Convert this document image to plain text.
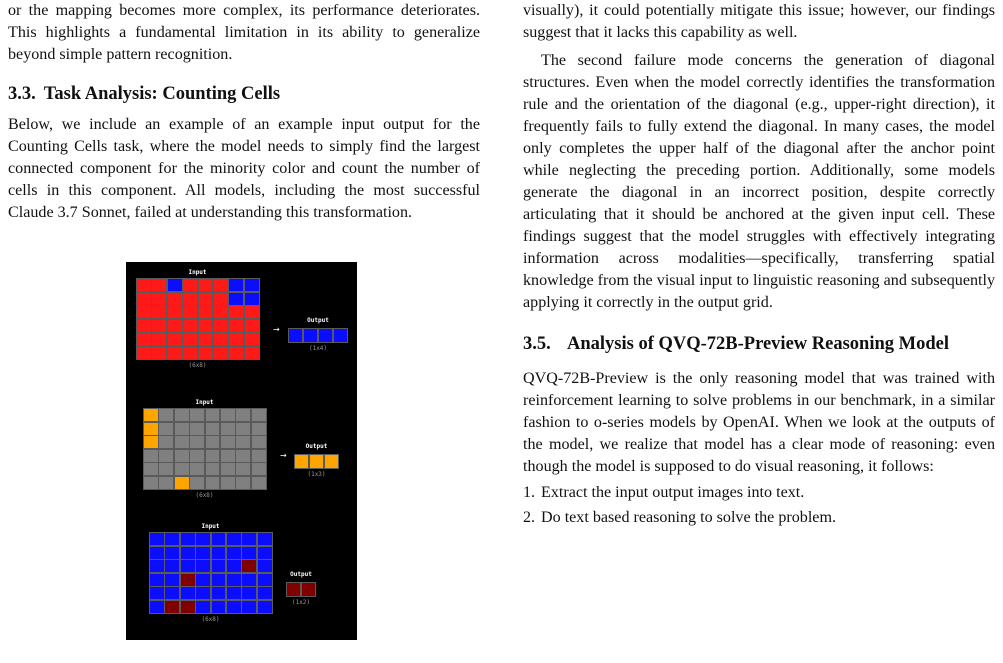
or the mapping becomes more complex, its performance deteriorates. This highlights a fundamental limitation in its ability to generalize beyond simple pattern recognition.

3.3. Task Analysis: Counting Cells

Below, we include an example of an example input output for the Counting Cells task, where the model needs to simply find the largest connected component for the minority color and count the number of cells in this component. All models, including the most successful Claude 3.7 Sonnet, failed at understanding this transformation.

Input
(6x8)
→
Output
(1x4)
Input
(6x8)
→
Output
(1x3)
Input
(6x8)
Output
(1x2)

visually), it could potentially mitigate this issue; however, our findings suggest that it lacks this capability as well.

The second failure mode concerns the generation of diagonal structures. Even when the model correctly identifies the transformation rule and the orientation of the diagonal (e.g., upper-right direction), it frequently fails to fully extend the diagonal. In many cases, the model only completes the upper half of the diagonal after the anchor point while neglecting the preceding portion. Additionally, some models generate the diagonal in an incorrect position, despite correctly articulating that it should be anchored at the given input cell. These findings suggest that the model struggles with effectively integrating information across modalities—specifically, transferring spatial knowledge from the visual input to linguistic reasoning and subsequently applying it correctly in the output grid.

3.5. Analysis of QVQ-72B-Preview Reasoning Model

QVQ-72B-Preview is the only reasoning model that was trained with reinforcement learning to solve problems in our benchmark, in a similar fashion to o-series models by OpenAI. When we look at the outputs of the model, we realize that model has a clear mode of reasoning: even though the model is supposed to do visual reasoning, it follows:

1. Extract the input output images into text.
2. Do text based reasoning to solve the problem.
